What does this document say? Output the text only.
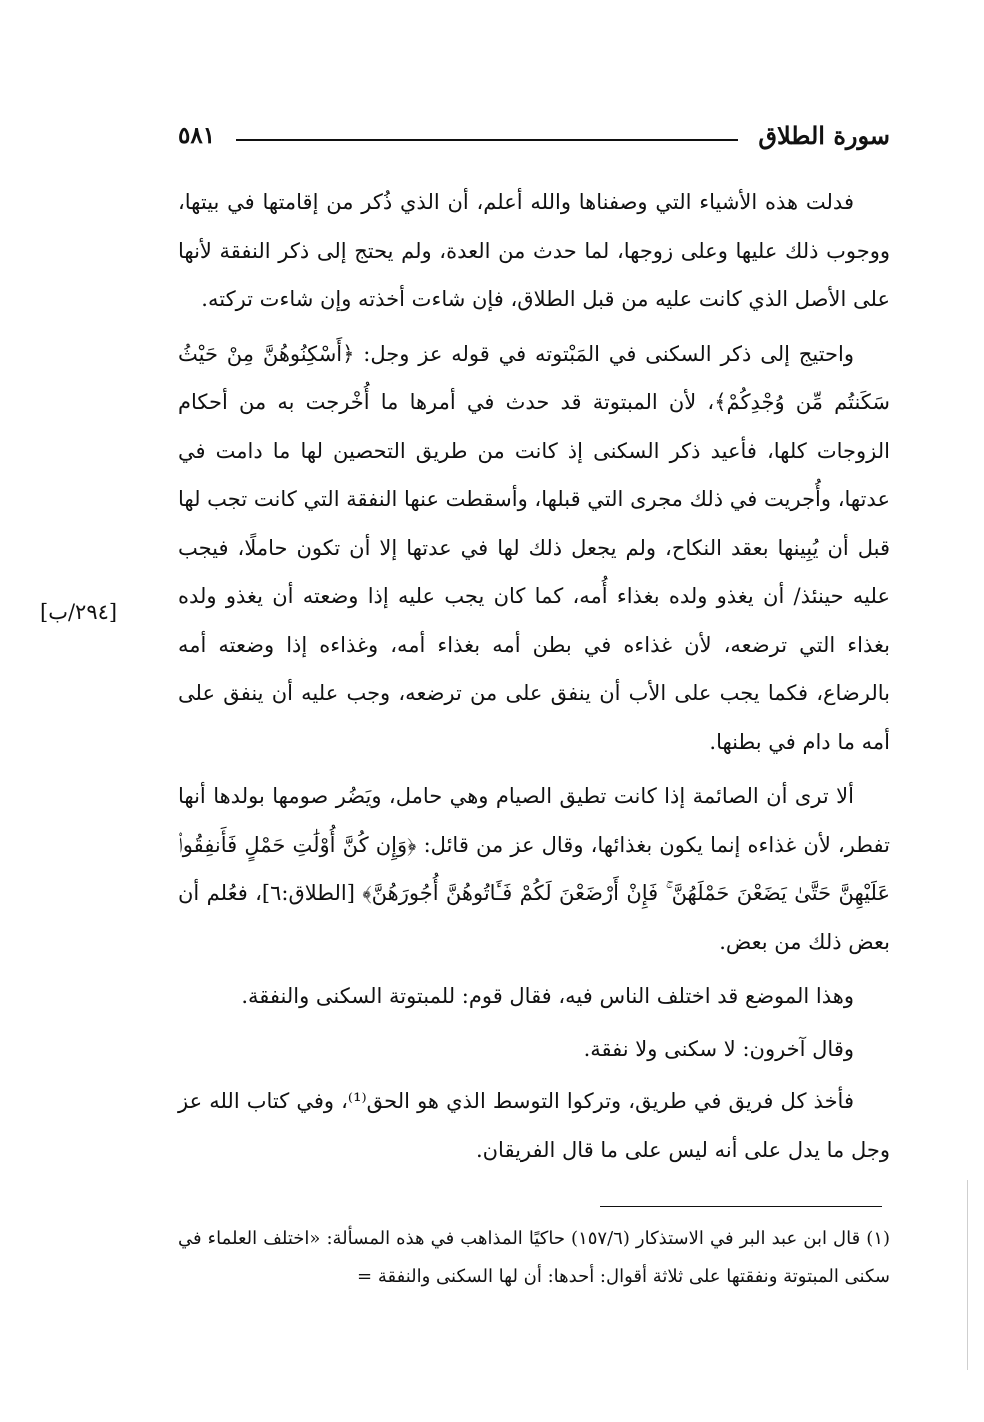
سورة الطلاق
٥٨١
[٢٩٤/ب]

فدلت هذه الأشياء التي وصفناها والله أعلم، أن الذي ذُكر من إقامتها في بيتها، ووجوب ذلك عليها وعلى زوجها، لما حدث من العدة، ولم يحتج إلى ذكر النفقة لأنها على الأصل الذي كانت عليه من قبل الطلاق، فإن شاءت أخذته وإن شاءت تركته.

واحتيج إلى ذكر السكنى في المَبْتوته في قوله عز وجل: ﴿أَسْكِنُوهُنَّ مِنْ حَيْثُ سَكَنتُم مِّن وُجْدِكُمْ﴾، لأن المبتوتة قد حدث في أمرها ما أُخْرجت به من أحكام الزوجات كلها، فأعيد ذكر السكنى إذ كانت من طريق التحصين لها ما دامت في عدتها، وأُجريت في ذلك مجرى التي قبلها، وأسقطت عنها النفقة التي كانت تجب لها قبل أن يُبِينها بعقد النكاح، ولم يجعل ذلك لها في عدتها إلا أن تكون حاملًا، فيجب عليه حينئذ/ أن يغذو ولده بغذاء أُمه، كما كان يجب عليه إذا وضعته أن يغذو ولده بغذاء التي ترضعه، لأن غذاءه في بطن أمه بغذاء أمه، وغذاءه إذا وضعته أمه بالرضاع، فكما يجب على الأب أن ينفق على من ترضعه، وجب عليه أن ينفق على أمه ما دام في بطنها.

ألا ترى أن الصائمة إذا كانت تطيق الصيام وهي حامل، ويَضُر صومها بولدها أنها تفطر، لأن غذاءه إنما يكون بغذائها، وقال عز من قائل: ﴿وَإِن كُنَّ أُوْلَٰتِ حَمْلٍ فَأَنفِقُوا۟ عَلَيْهِنَّ حَتَّىٰ يَضَعْنَ حَمْلَهُنَّ ۚ فَإِنْ أَرْضَعْنَ لَكُمْ فَـَٔاتُوهُنَّ أُجُورَهُنَّ﴾ [الطلاق:٦]، فعُلم أن بعض ذلك من بعض.

وهذا الموضع قد اختلف الناس فيه، فقال قوم: للمبتوتة السكنى والنفقة.

وقال آخرون: لا سكنى ولا نفقة.

فأخذ كل فريق في طريق، وتركوا التوسط الذي هو الحق⁽¹⁾، وفي كتاب الله عز وجل ما يدل على أنه ليس على ما قال الفريقان.

(١) قال ابن عبد البر في الاستذكار (١٥٧/٦) حاكيًا المذاهب في هذه المسألة: «اختلف العلماء في سكنى المبتوتة ونفقتها على ثلاثة أقوال: أحدها: أن لها السكنى والنفقة =
